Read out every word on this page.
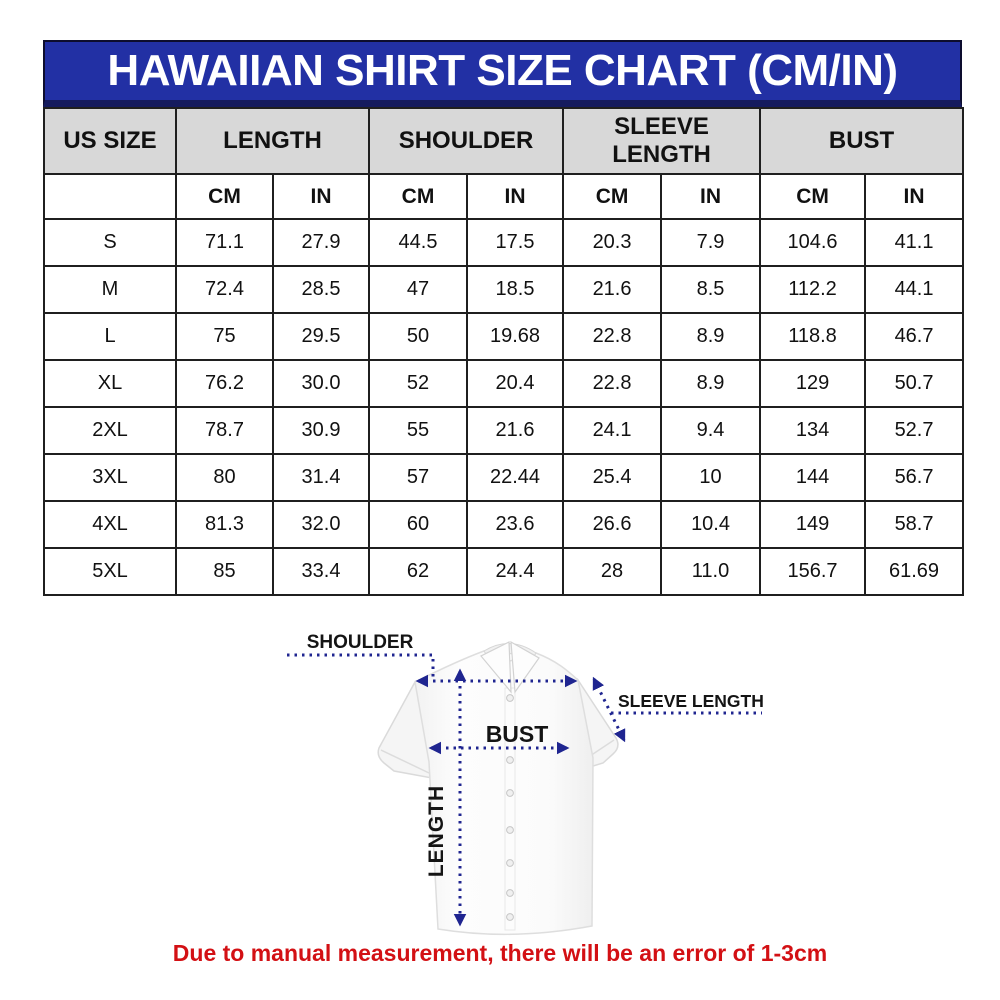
HAWAIIAN SHIRT SIZE CHART (CM/IN)
US SIZE	LENGTH		SHOULDER		SLEEVE LENGTH		BUST	
	CM	IN	CM	IN	CM	IN	CM	IN
S	71.1	27.9	44.5	17.5	20.3	7.9	104.6	41.1
M	72.4	28.5	47	18.5	21.6	8.5	112.2	44.1
L	75	29.5	50	19.68	22.8	8.9	118.8	46.7
XL	76.2	30.0	52	20.4	22.8	8.9	129	50.7
2XL	78.7	30.9	55	21.6	24.1	9.4	134	52.7
3XL	80	31.4	57	22.44	25.4	10	144	56.7
4XL	81.3	32.0	60	23.6	26.6	10.4	149	58.7
5XL	85	33.4	62	24.4	28	11.0	156.7	61.69
SHOULDER
SLEEVE LENGTH
BUST
LENGTH
Due to manual measurement, there will be an error of 1-3cm
